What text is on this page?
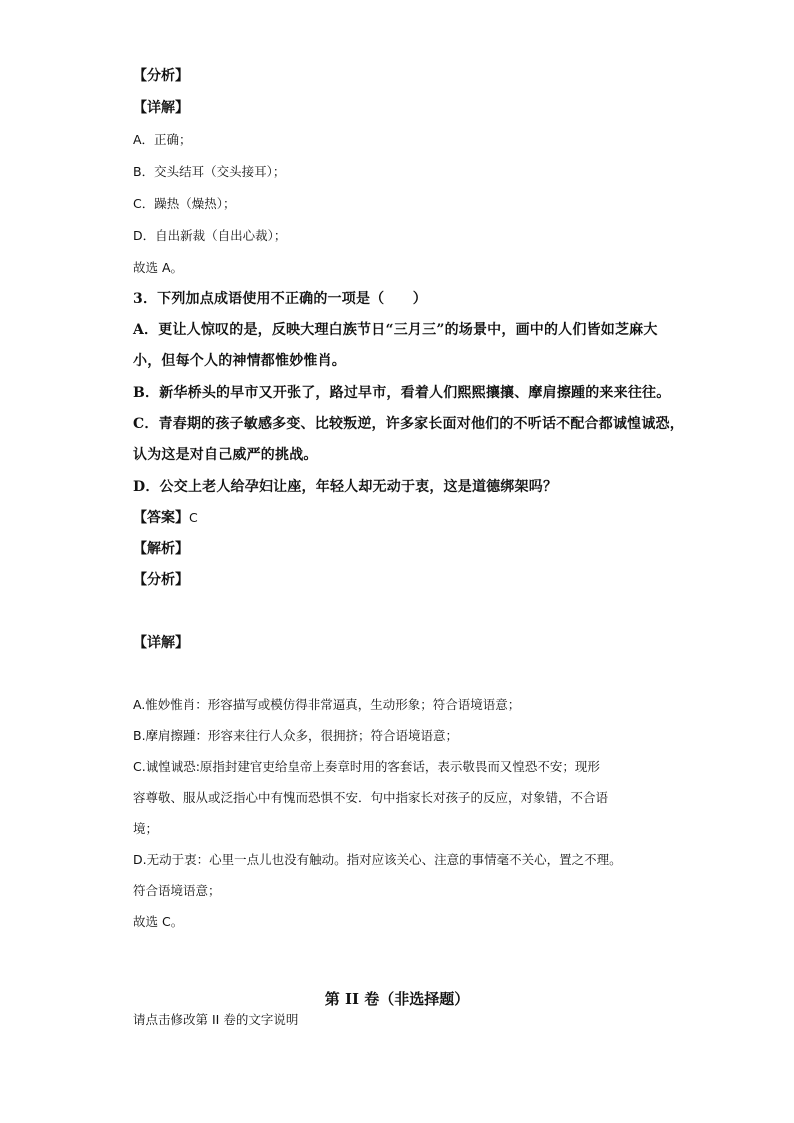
【分析】
【详解】
A．正确；
B．交头结耳（交头接耳）；
C．躁热（燥热）；
D．自出新裁（自出心裁）；
故选 A。
3．下列加点成语使用不正确的一项是（　　）
A．更让人惊叹的是，反映大理白族节日“三月三”的场景中，画中的人们皆如芝麻大
小，但每个人的神情都惟妙惟肖。
B．新华桥头的早市又开张了，路过早市，看着人们熙熙攘攘、摩肩擦踵的来来往往。
C．青春期的孩子敏感多变、比较叛逆，许多家长面对他们的不听话不配合都诚惶诚恐，
认为这是对自己威严的挑战。
D．公交上老人给孕妇让座，年轻人却无动于衷，这是道德绑架吗？
【答案】C
【解析】
【分析】
【详解】
A.惟妙惟肖：形容描写或模仿得非常逼真，生动形象；符合语境语意；
B.摩肩擦踵：形容来往行人众多，很拥挤；符合语境语意；
C.诚惶诚恐:原指封建官吏给皇帝上奏章时用的客套话，表示敬畏而又惶恐不安；现形
容尊敬、服从或泛指心中有愧而恐惧不安．句中指家长对孩子的反应，对象错，不合语
境；
D.无动于衷：心里一点儿也没有触动。指对应该关心、注意的事情毫不关心，置之不理。
符合语境语意；
故选 C。
第 II 卷（非选择题）
请点击修改第 II 卷的文字说明
